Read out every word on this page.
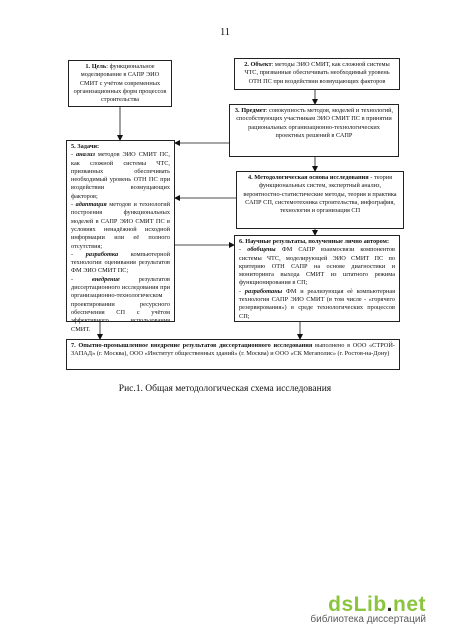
11
1. Цель: функциональное моделирование в САПР ЭИО СМИТ с учётом современных организационных форм процессов строительства
2. Объект: методы ЭИО СМИТ, как сложной системы ЧТС, призванные обеспечивать необходимый уровень ОТН ПС при воздействии возмущающих факторов
3. Предмет: совокупность методов, моделей и технологий, способствующих участникам ЭИО СМИТ ПС в принятии рациональных организационно-технологических проектных решений в САПР
4. Методологическая основа исследования - теория функциональных систем, экспертный анализ, вероятностно-статистические методы, теория и практика САПР СП, системотехника строительства, инфография, технология и организация СП
5. Задачи:
- анализ методов ЭИО СМИТ ПС, как сложной системы ЧТС, призванных обеспечивать необходимый уровень ОТН ПС при воздействии возмущающих факторов;
- адаптация методов и технологий построения функциональных моделей в САПР ЭИО СМИТ ПС в условиях ненадёжной исходной информации или её полного отсутствия;
- разработка компьютерной технологии оценивания результатов ФМ ЭИО СМИТ ПС;
- внедрение результатов диссертационного исследования при организационно-технологическом проектировании ресурсного обеспечения СП с учётом эффективного использования СМИТ.
6. Научные результаты, полученные лично автором:
- обобщены ФМ САПР взаимосвязи компонентов системы ЧТС, моделирующей ЭИО СМИТ ПС по критерию ОТН САПР на основе диагностики и мониторинга выхода СМИТ из штатного режима функционирования в СП;
- разработаны ФМ и реализующая еѐ компьютерная технология САПР ЭИО СМИТ (в том числе - «горячего резервирования») в среде технологических процессов СП;
7. Опытно-промышленное внедрение результатов диссертационного исследования выполнено в ООО «СТРОЙ-ЗАПАД» (г. Москва), ООО «Институт общественных зданий» (г. Москва) и ООО «СК Мегаполис» (г. Ростов-на-Дону)
Рис.1. Общая методологическая схема исследования
dsLib.net
библиотека диссертаций
